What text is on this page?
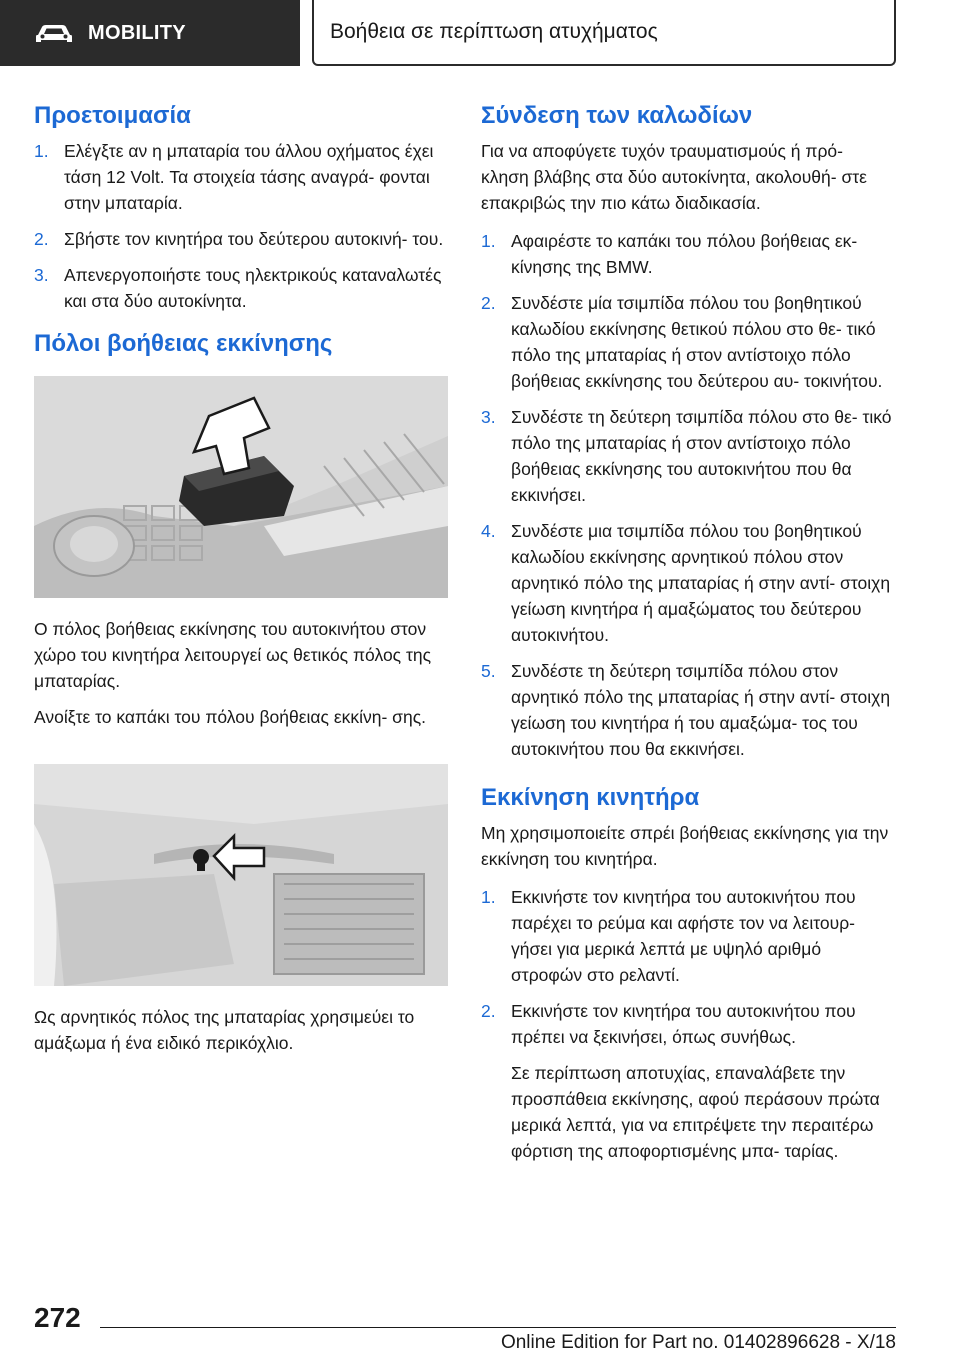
MOBILITY	Βοήθεια σε περίπτωση ατυχήματος
Προετοιμασία
1. Ελέγξτε αν η μπαταρία του άλλου οχήματος έχει τάση 12 Volt. Τα στοιχεία τάσης αναγρά‐ φονται στην μπαταρία.
2. Σβήστε τον κινητήρα του δεύτερου αυτοκινή‐ του.
3. Απενεργοποιήστε τους ηλεκτρικούς καταναλωτές και στα δύο αυτοκίνητα.
Πόλοι βοήθειας εκκίνησης

Ο πόλος βοήθειας εκκίνησης του αυτοκινήτου στον χώρο του κινητήρα λειτουργεί ως θετικός πόλος της μπαταρίας.

Ανοίξτε το καπάκι του πόλου βοήθειας εκκίνη‐ σης.

Ως αρνητικός πόλος της μπαταρίας χρησιμεύει το αμάξωμα ή ένα ειδικό περικόχλιο.

Σύνδεση των καλωδίων

Για να αποφύγετε τυχόν τραυματισμούς ή πρό‐ κληση βλάβης στα δύο αυτοκίνητα, ακολουθή‐ στε επακριβώς την πιο κάτω διαδικασία.

1. Αφαιρέστε το καπάκι του πόλου βοήθειας εκ‐ κίνησης της BMW.
2. Συνδέστε μία τσιμπίδα πόλου του βοηθητικού καλωδίου εκκίνησης θετικού πόλου στο θε‐ τικό πόλο της μπαταρίας ή στον αντίστοιχο πόλο βοήθειας εκκίνησης του δεύτερου αυ‐ τοκινήτου.
3. Συνδέστε τη δεύτερη τσιμπίδα πόλου στο θε‐ τικό πόλο της μπαταρίας ή στον αντίστοιχο πόλο βοήθειας εκκίνησης του αυτοκινήτου που θα εκκινήσει.
4. Συνδέστε μια τσιμπίδα πόλου του βοηθητικού καλωδίου εκκίνησης αρνητικού πόλου στον αρνητικό πόλο της μπαταρίας ή στην αντί‐ στοιχη γείωση κινητήρα ή αμαξώματος του δεύτερου αυτοκινήτου.
5. Συνδέστε τη δεύτερη τσιμπίδα πόλου στον αρνητικό πόλο της μπαταρίας ή στην αντί‐ στοιχη γείωση του κινητήρα ή του αμαξώμα‐ τος του αυτοκινήτου που θα εκκινήσει.
Εκκίνηση κινητήρα

Μη χρησιμοποιείτε σπρέι βοήθειας εκκίνησης για την εκκίνηση του κινητήρα.

1. Εκκινήστε τον κινητήρα του αυτοκινήτου που παρέχει το ρεύμα και αφήστε τον να λειτουρ‐ γήσει για μερικά λεπτά με υψηλό αριθμό στροφών στο ρελαντί.
2. Εκκινήστε τον κινητήρα του αυτοκινήτου που πρέπει να ξεκινήσει, όπως συνήθως.
Σε περίπτωση αποτυχίας, επαναλάβετε την προσπάθεια εκκίνησης, αφού περάσουν πρώτα μερικά λεπτά, για να επιτρέψετε την περαιτέρω φόρτιση της αποφορτισμένης μπα‐ ταρίας.
272
Online Edition for Part no. 01402896628 - X/18
